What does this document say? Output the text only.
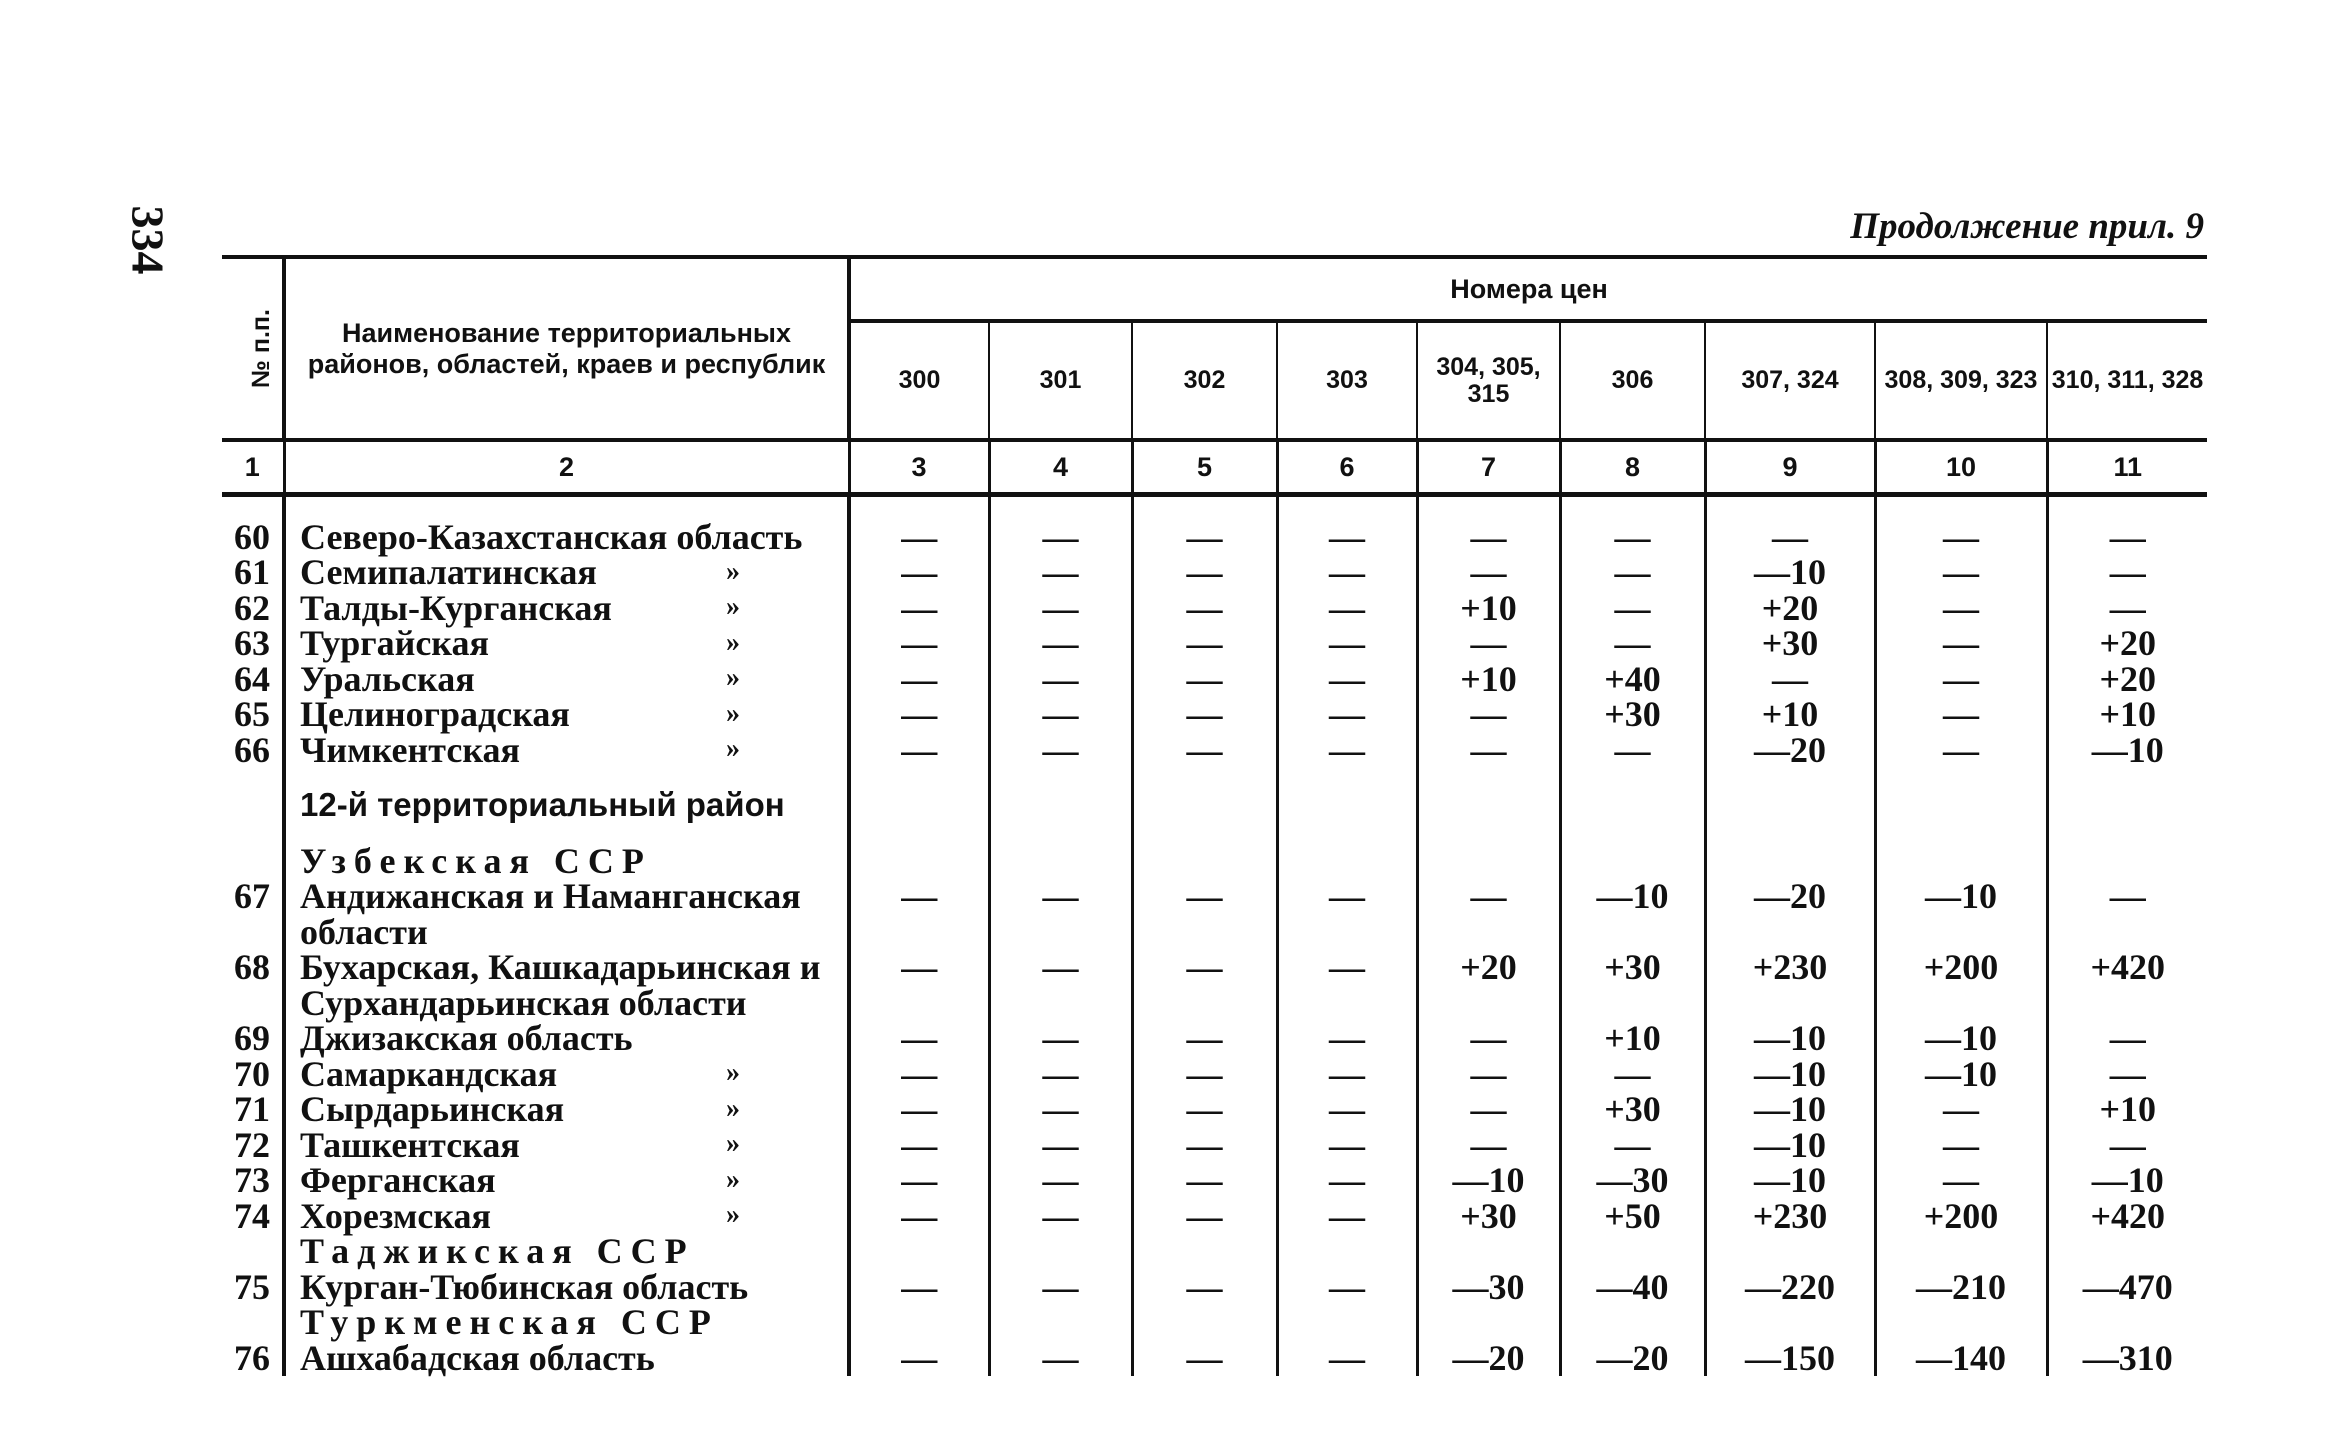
334	Продолжение прил. 9
№ п.п.	Наименование территориальных районов, областей, краев и республик	Номера цен								
		300	301	302	303	304, 305, 315	306	307, 324	308, 309, 323	310, 311, 328
1	2	3	4	5	6	7	8	9	10	11
60	Северо-Казахстанская область	—	—	—	—	—	—	—	—	—
61	Семипалатинская »	—	—	—	—	—	—	—10	—	—
62	Талды-Курганская »	—	—	—	—	+10	—	+20	—	—
63	Тургайская »	—	—	—	—	—	—	+30	—	+20
64	Уральская »	—	—	—	—	+10	+40	—	—	+20
65	Целиноградская »	—	—	—	—	—	+30	+10	—	+10
66	Чимкентская »	—	—	—	—	—	—	—20	—	—10

	12-й территориальный район									

	Узбекская ССР									
67	Андижанская и Наманганская	—	—	—	—	—	—10	—20	—10	—
	области									
68	Бухарская, Кашкадарьинская и	—	—	—	—	+20	+30	+230	+200	+420
	Сурхандарьинская области									
69	Джизакская область	—	—	—	—	—	+10	—10	—10	—
70	Самаркандская »	—	—	—	—	—	—	—10	—10	—
71	Сырдарьинская »	—	—	—	—	—	+30	—10	—	+10
72	Ташкентская »	—	—	—	—	—	—	—10	—	—
73	Ферганская »	—	—	—	—	—10	—30	—10	—	—10
74	Хорезмская »	—	—	—	—	+30	+50	+230	+200	+420
	Таджикская ССР									
75	Курган-Тюбинская область	—	—	—	—	—30	—40	—220	—210	—470
	Туркменская ССР									
76	Ашхабадская область	—	—	—	—	—20	—20	—150	—140	—310
